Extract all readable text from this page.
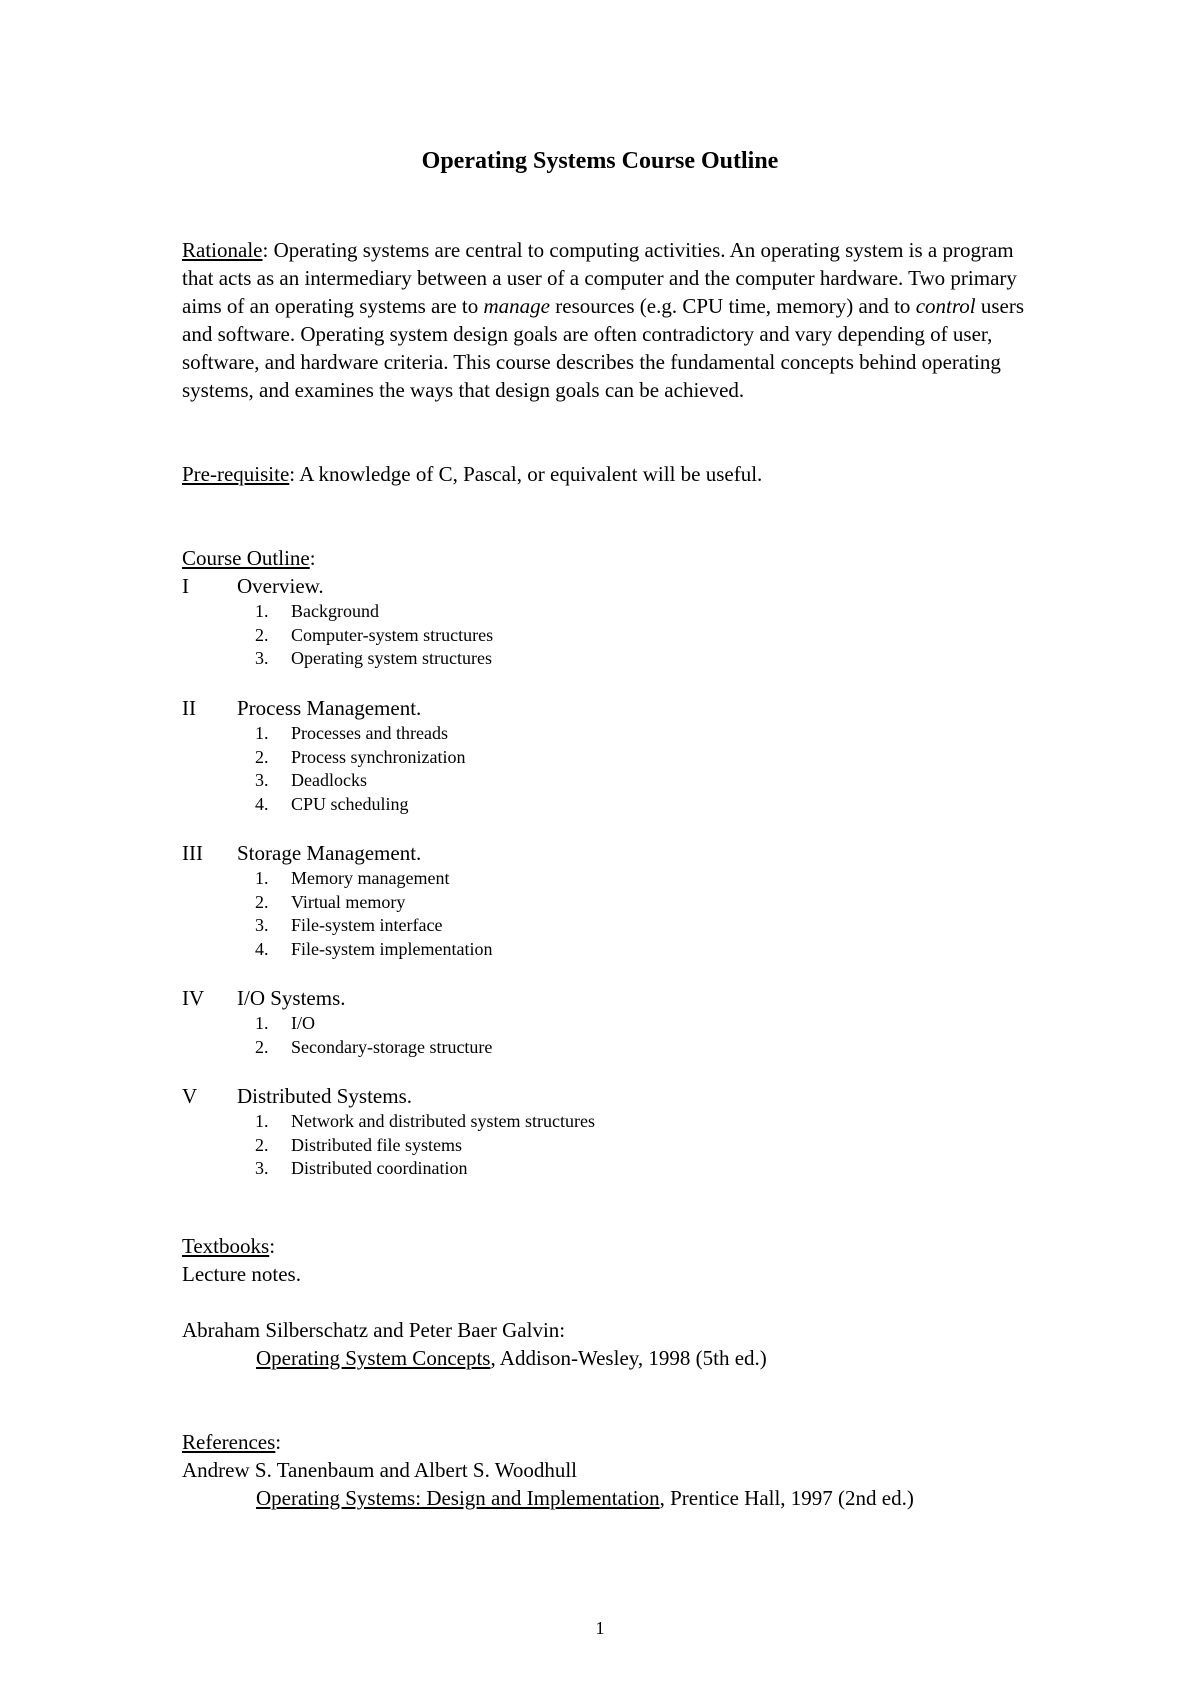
Operating Systems Course Outline

Rationale: Operating systems are central to computing activities. An operating system is a program that acts as an intermediary between a user of a computer and the computer hardware. Two primary aims of an operating systems are to manage resources (e.g. CPU time, memory) and to control users and software. Operating system design goals are often contradictory and vary depending of user, software, and hardware criteria. This course describes the fundamental concepts behind operating systems, and examines the ways that design goals can be achieved.

Pre-requisite: A knowledge of C, Pascal, or equivalent will be useful.

Course Outline:
I Overview.
1. Background
2. Computer-system structures
3. Operating system structures
II Process Management.
1. Processes and threads
2. Process synchronization
3. Deadlocks
4. CPU scheduling
III Storage Management.
1. Memory management
2. Virtual memory
3. File-system interface
4. File-system implementation
IV I/O Systems.
1. I/O
2. Secondary-storage structure
V Distributed Systems.
1. Network and distributed system structures
2. Distributed file systems
3. Distributed coordination
Textbooks:
Lecture notes.
Abraham Silberschatz and Peter Baer Galvin:
Operating System Concepts, Addison-Wesley, 1998 (5th ed.)
References:
Andrew S. Tanenbaum and Albert S. Woodhull
Operating Systems: Design and Implementation, Prentice Hall, 1997 (2nd ed.)
1
